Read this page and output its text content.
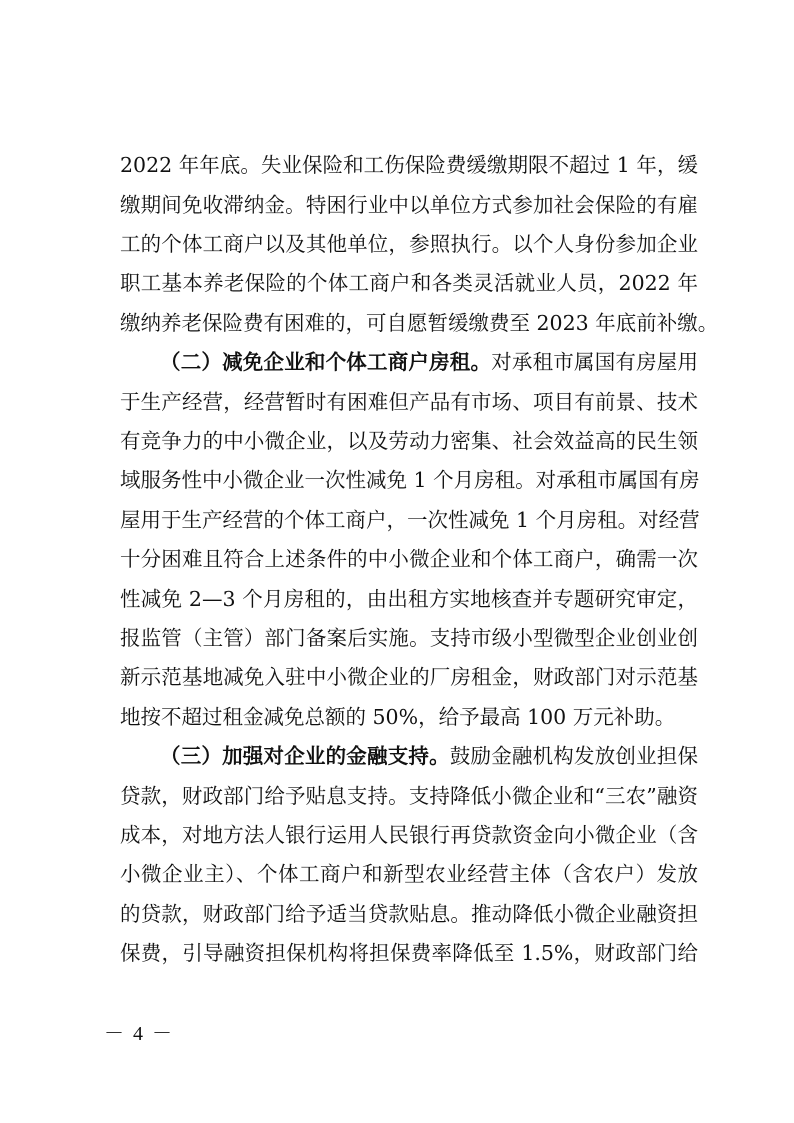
2022 年年底。失业保险和工伤保险费缓缴期限不超过 1 年，缓
缴期间免收滞纳金。特困行业中以单位方式参加社会保险的有雇
工的个体工商户以及其他单位，参照执行。以个人身份参加企业
职工基本养老保险的个体工商户和各类灵活就业人员，2022 年
缴纳养老保险费有困难的，可自愿暂缓缴费至 2023 年底前补缴。
（二）减免企业和个体工商户房租。对承租市属国有房屋用
于生产经营，经营暂时有困难但产品有市场、项目有前景、技术
有竞争力的中小微企业，以及劳动力密集、社会效益高的民生领
域服务性中小微企业一次性减免 1 个月房租。对承租市属国有房
屋用于生产经营的个体工商户，一次性减免 1 个月房租。对经营
十分困难且符合上述条件的中小微企业和个体工商户，确需一次
性减免 2—3 个月房租的，由出租方实地核查并专题研究审定，
报监管（主管）部门备案后实施。支持市级小型微型企业创业创
新示范基地减免入驻中小微企业的厂房租金，财政部门对示范基
地按不超过租金减免总额的 50%，给予最高 100 万元补助。
（三）加强对企业的金融支持。鼓励金融机构发放创业担保
贷款，财政部门给予贴息支持。支持降低小微企业和“三农”融资
成本，对地方法人银行运用人民银行再贷款资金向小微企业（含
小微企业主）、个体工商户和新型农业经营主体（含农户）发放
的贷款，财政部门给予适当贷款贴息。推动降低小微企业融资担
保费，引导融资担保机构将担保费率降低至 1.5%，财政部门给
－ 4 －
